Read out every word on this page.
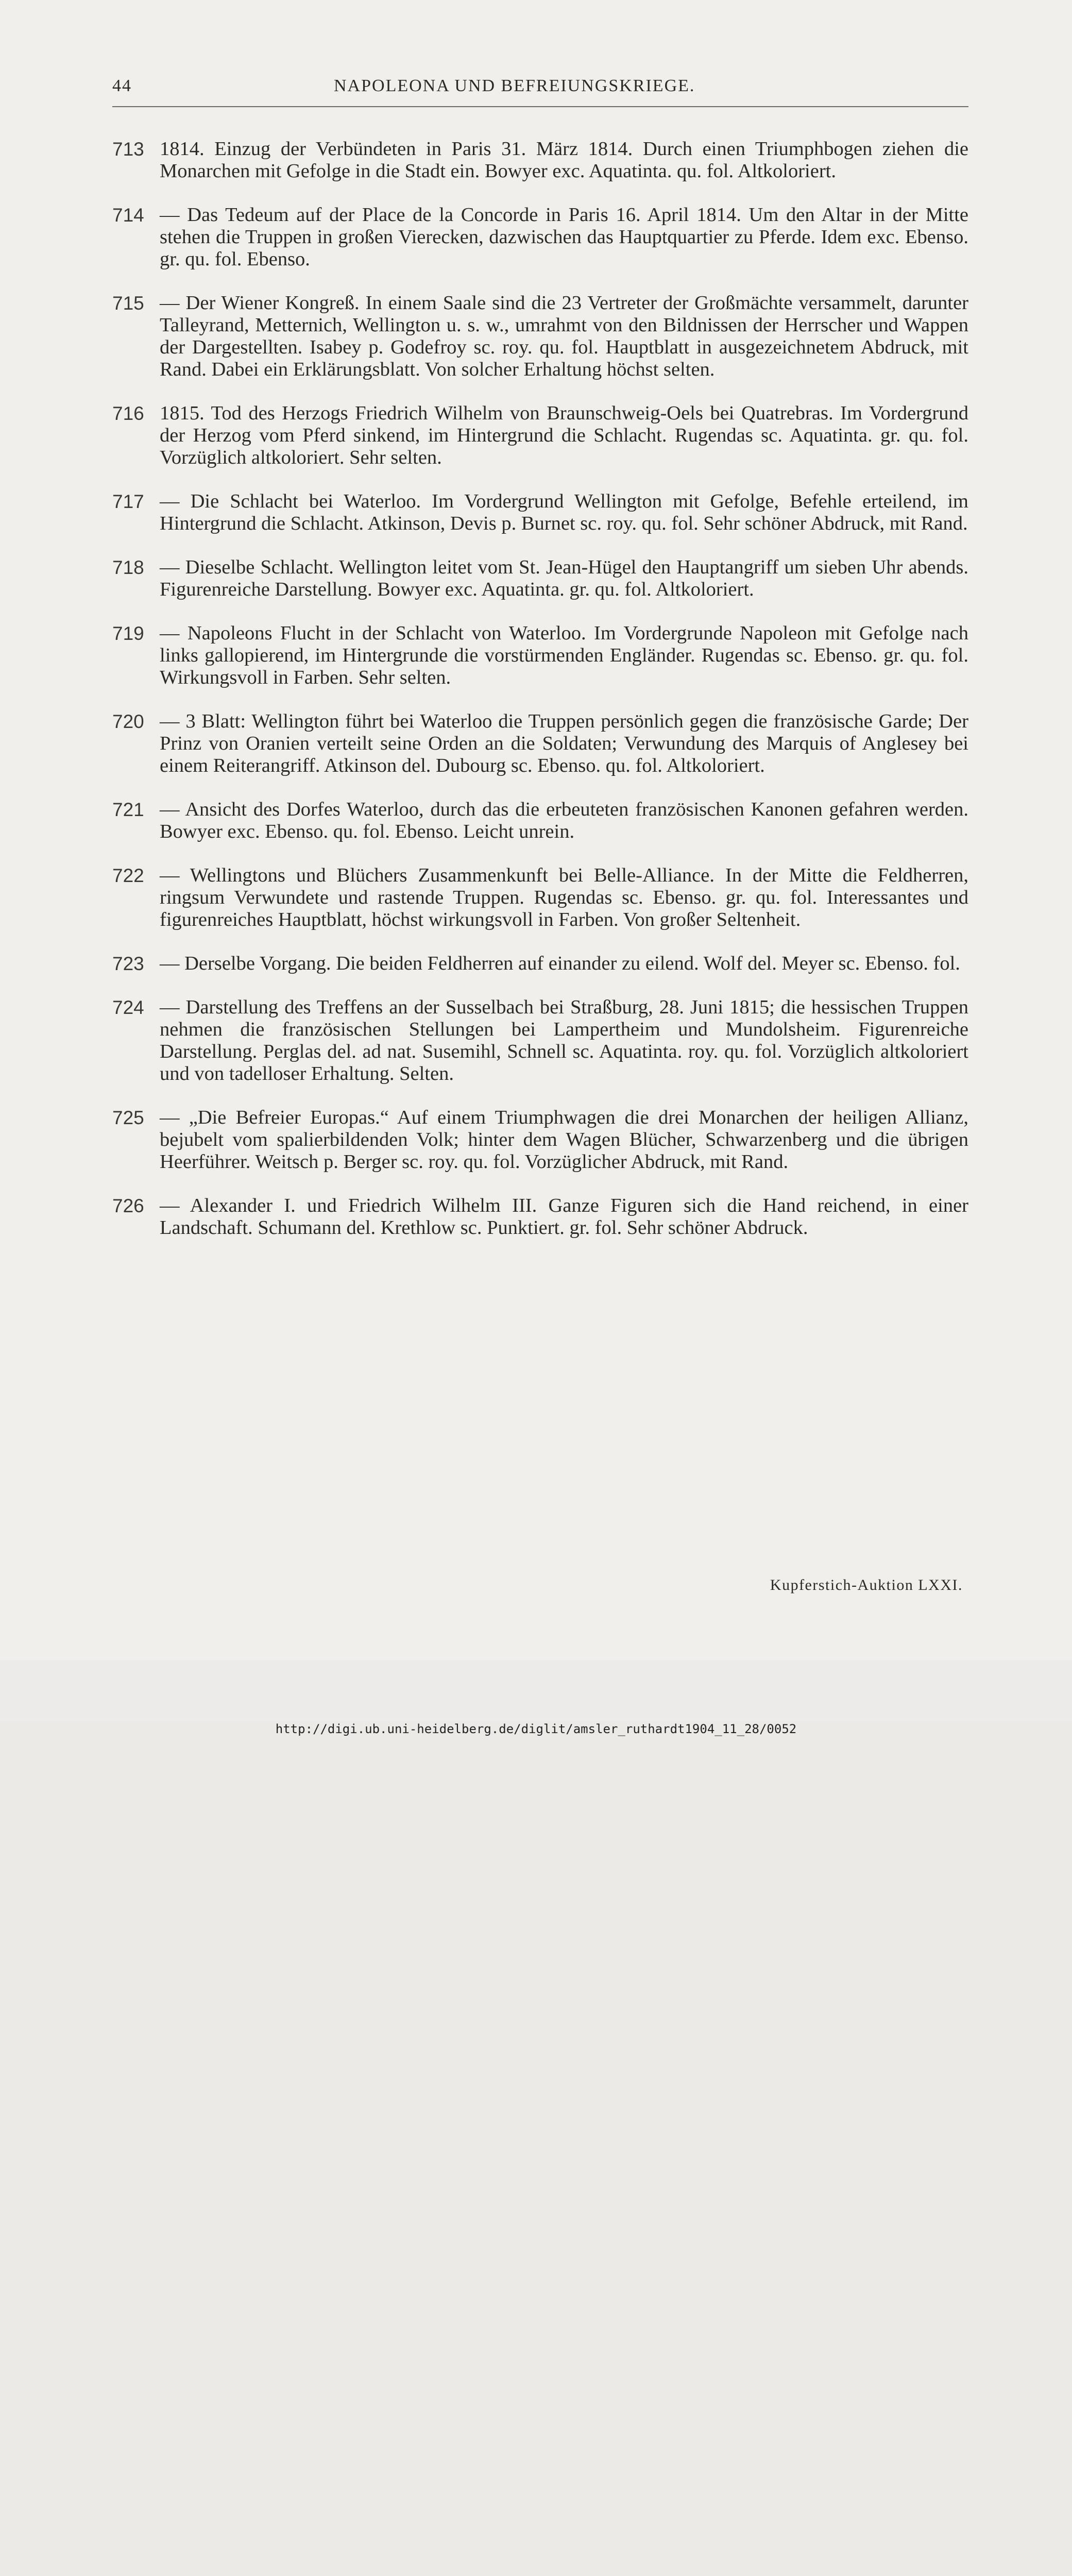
44	NAPOLEONA UND BEFREIUNGSKRIEGE.
713 1814. Einzug der Verbündeten in Paris 31. März 1814. Durch einen Triumphbogen ziehen die Monarchen mit Gefolge in die Stadt ein. Bowyer exc. Aquatinta. qu. fol. Altkoloriert.
714 — Das Tedeum auf der Place de la Concorde in Paris 16. April 1814. Um den Altar in der Mitte stehen die Truppen in großen Vierecken, dazwischen das Hauptquartier zu Pferde. Idem exc. Ebenso. gr. qu. fol. Ebenso.
715 — Der Wiener Kongreß. In einem Saale sind die 23 Vertreter der Großmächte versammelt, darunter Talleyrand, Metternich, Wellington u. s. w., umrahmt von den Bildnissen der Herrscher und Wappen der Dargestellten. Isabey p. Godefroy sc. roy. qu. fol. Hauptblatt in ausgezeichnetem Abdruck, mit Rand. Dabei ein Erklärungsblatt. Von solcher Erhaltung höchst selten.
716 1815. Tod des Herzogs Friedrich Wilhelm von Braunschweig-Oels bei Quatrebras. Im Vordergrund der Herzog vom Pferd sinkend, im Hintergrund die Schlacht. Rugendas sc. Aquatinta. gr. qu. fol. Vorzüglich altkoloriert. Sehr selten.
717 — Die Schlacht bei Waterloo. Im Vordergrund Wellington mit Gefolge, Befehle erteilend, im Hintergrund die Schlacht. Atkinson, Devis p. Burnet sc. roy. qu. fol. Sehr schöner Abdruck, mit Rand.
718 — Dieselbe Schlacht. Wellington leitet vom St. Jean-Hügel den Hauptangriff um sieben Uhr abends. Figurenreiche Darstellung. Bowyer exc. Aquatinta. gr. qu. fol. Altkoloriert.
719 — Napoleons Flucht in der Schlacht von Waterloo. Im Vordergrunde Napoleon mit Gefolge nach links gallopierend, im Hintergrunde die vorstürmenden Engländer. Rugendas sc. Ebenso. gr. qu. fol. Wirkungsvoll in Farben. Sehr selten.
720 — 3 Blatt: Wellington führt bei Waterloo die Truppen persönlich gegen die französische Garde; Der Prinz von Oranien verteilt seine Orden an die Soldaten; Verwundung des Marquis of Anglesey bei einem Reiterangriff. Atkinson del. Dubourg sc. Ebenso. qu. fol. Altkoloriert.
721 — Ansicht des Dorfes Waterloo, durch das die erbeuteten französischen Kanonen gefahren werden. Bowyer exc. Ebenso. qu. fol. Ebenso. Leicht unrein.
722 — Wellingtons und Blüchers Zusammenkunft bei Belle-Alliance. In der Mitte die Feldherren, ringsum Verwundete und rastende Truppen. Rugendas sc. Ebenso. gr. qu. fol. Interessantes und figurenreiches Hauptblatt, höchst wirkungsvoll in Farben. Von großer Seltenheit.
723 — Derselbe Vorgang. Die beiden Feldherren auf einander zu eilend. Wolf del. Meyer sc. Ebenso. fol.
724 — Darstellung des Treffens an der Susselbach bei Straßburg, 28. Juni 1815; die hessischen Truppen nehmen die französischen Stellungen bei Lampertheim und Mundolsheim. Figurenreiche Darstellung. Perglas del. ad nat. Susemihl, Schnell sc. Aquatinta. roy. qu. fol. Vorzüglich altkoloriert und von tadelloser Erhaltung. Selten.
725 — „Die Befreier Europas.“ Auf einem Triumphwagen die drei Monarchen der heiligen Allianz, bejubelt vom spalierbildenden Volk; hinter dem Wagen Blücher, Schwarzenberg und die übrigen Heerführer. Weitsch p. Berger sc. roy. qu. fol. Vorzüglicher Abdruck, mit Rand.
726 — Alexander I. und Friedrich Wilhelm III. Ganze Figuren sich die Hand reichend, in einer Landschaft. Schumann del. Krethlow sc. Punktiert. gr. fol. Sehr schöner Abdruck.
Kupferstich-Auktion LXXI.
http://digi.ub.uni-heidelberg.de/diglit/amsler_ruthardt1904_11_28/0052
